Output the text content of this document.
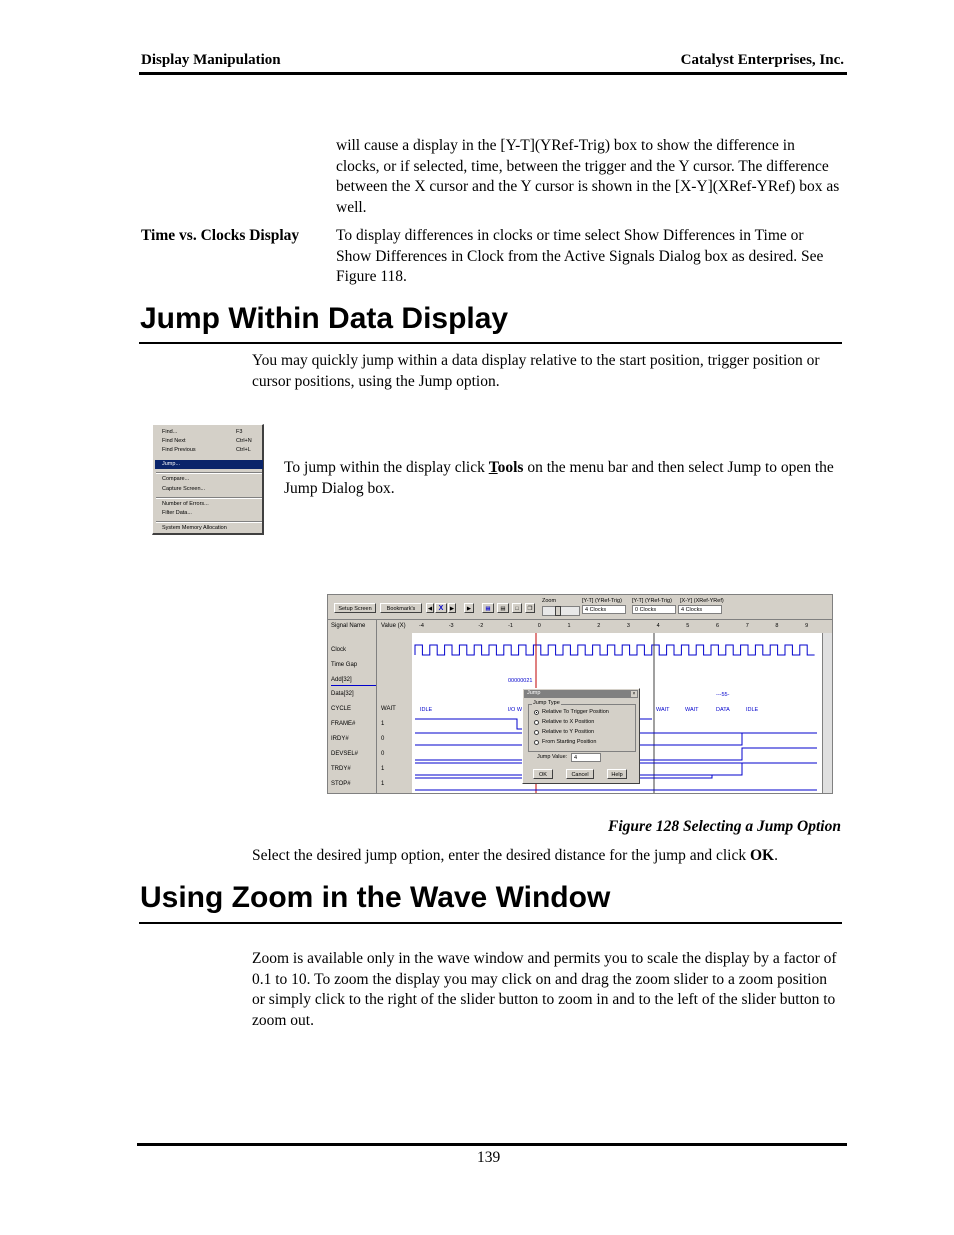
Display Manipulation	Catalyst Enterprises, Inc.
will cause a display in the [Y-T](YRef-Trig) box to show the difference in clocks, or if selected, time, between the trigger and the Y cursor. The difference between the X cursor and the Y cursor is shown in the [X-Y](XRef-YRef) box as well.
Time vs. Clocks Display To display differences in clocks or time select Show Differences in Time or Show Differences in Clock from the Active Signals Dialog box as desired. See Figure 118.
Jump Within Data Display
You may quickly jump within a data display relative to the start position, trigger position or cursor positions, using the Jump option.
Find...	F3
Find Next	Ctrl+N
Find Previous	Ctrl+L
Jump...
Compare...
Capture Screen...
Number of Errors...
Filter Data...
System Memory Allocation
To jump within the display click Tools on the menu bar and then select Jump to open the Jump Dialog box.
Setup Screen	Bookmark's	◀ X	▶	▶	▦	▤	□	❐
Zoom	[Y-T] (YRef-Trig)
4 Clocks
[Y-T] (YRef-Trig)
0 Clocks
[X-Y] (XRef-YRef)
4 Clocks
Signal Name	Value (X) -4	-3	-2	-1	0	1	2	3	4	5	6	7	8	9
Clock
Time Gap
Add[32]
Data[32]
CYCLE	WAIT
FRAME#	1
IRDY#	0
DEVSEL#	0
TRDY#	1
STOP#	1
00000021
---55-
IDLE	I/O W	WAIT	WAIT	DATA	IDLE
Jump	×
Jump Type
Relative To Trigger Position
Relative to X Position
Relative to Y Position
From Starting Position
Jump Value:	4
OK	Cancel	Help
Figure 128 Selecting a Jump Option
Select the desired jump option, enter the desired distance for the jump and click OK.
Using Zoom in the Wave Window
Zoom is available only in the wave window and permits you to scale the display by a factor of 0.1 to 10. To zoom the display you may click on and drag the zoom slider to a zoom position or simply click to the right of the slider button to zoom in and to the left of the slider button to zoom out.
139
